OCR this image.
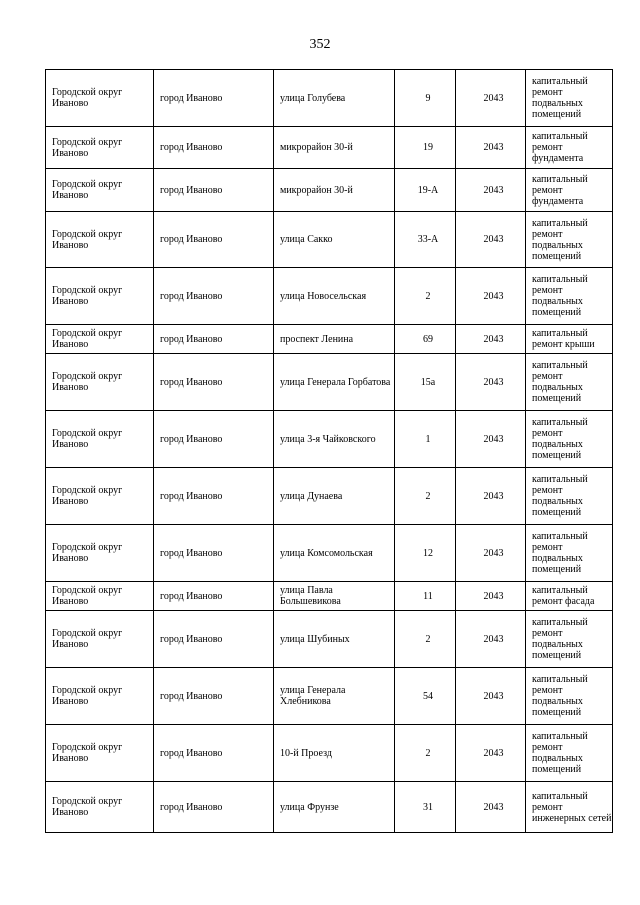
352
Городской округ Иваново	город Иваново	улица Голубева	9	2043	капитальный ремонт подвальных помещений
Городской округ Иваново	город Иваново	микрорайон 30-й	19	2043	капитальный ремонт фундамента
Городской округ Иваново	город Иваново	микрорайон 30-й	19-А	2043	капитальный ремонт фундамента
Городской округ Иваново	город Иваново	улица Сакко	33-А	2043	капитальный ремонт подвальных помещений
Городской округ Иваново	город Иваново	улица Новосельская	2	2043	капитальный ремонт подвальных помещений
Городской округ Иваново	город Иваново	проспект Ленина	69	2043	капитальный ремонт крыши
Городской округ Иваново	город Иваново	улица Генерала Горбатова	15а	2043	капитальный ремонт подвальных помещений
Городской округ Иваново	город Иваново	улица 3-я Чайковского	1	2043	капитальный ремонт подвальных помещений
Городской округ Иваново	город Иваново	улица Дунаева	2	2043	капитальный ремонт подвальных помещений
Городской округ Иваново	город Иваново	улица Комсомольская	12	2043	капитальный ремонт подвальных помещений
Городской округ Иваново	город Иваново	улица Павла Большевикова	11	2043	капитальный ремонт фасада
Городской округ Иваново	город Иваново	улица Шубиных	2	2043	капитальный ремонт подвальных помещений
Городской округ Иваново	город Иваново	улица Генерала Хлебникова	54	2043	капитальный ремонт подвальных помещений
Городской округ Иваново	город Иваново	10-й Проезд	2	2043	капитальный ремонт подвальных помещений
Городской округ Иваново	город Иваново	улица Фрунзе	31	2043	капитальный ремонт инженерных сетей
